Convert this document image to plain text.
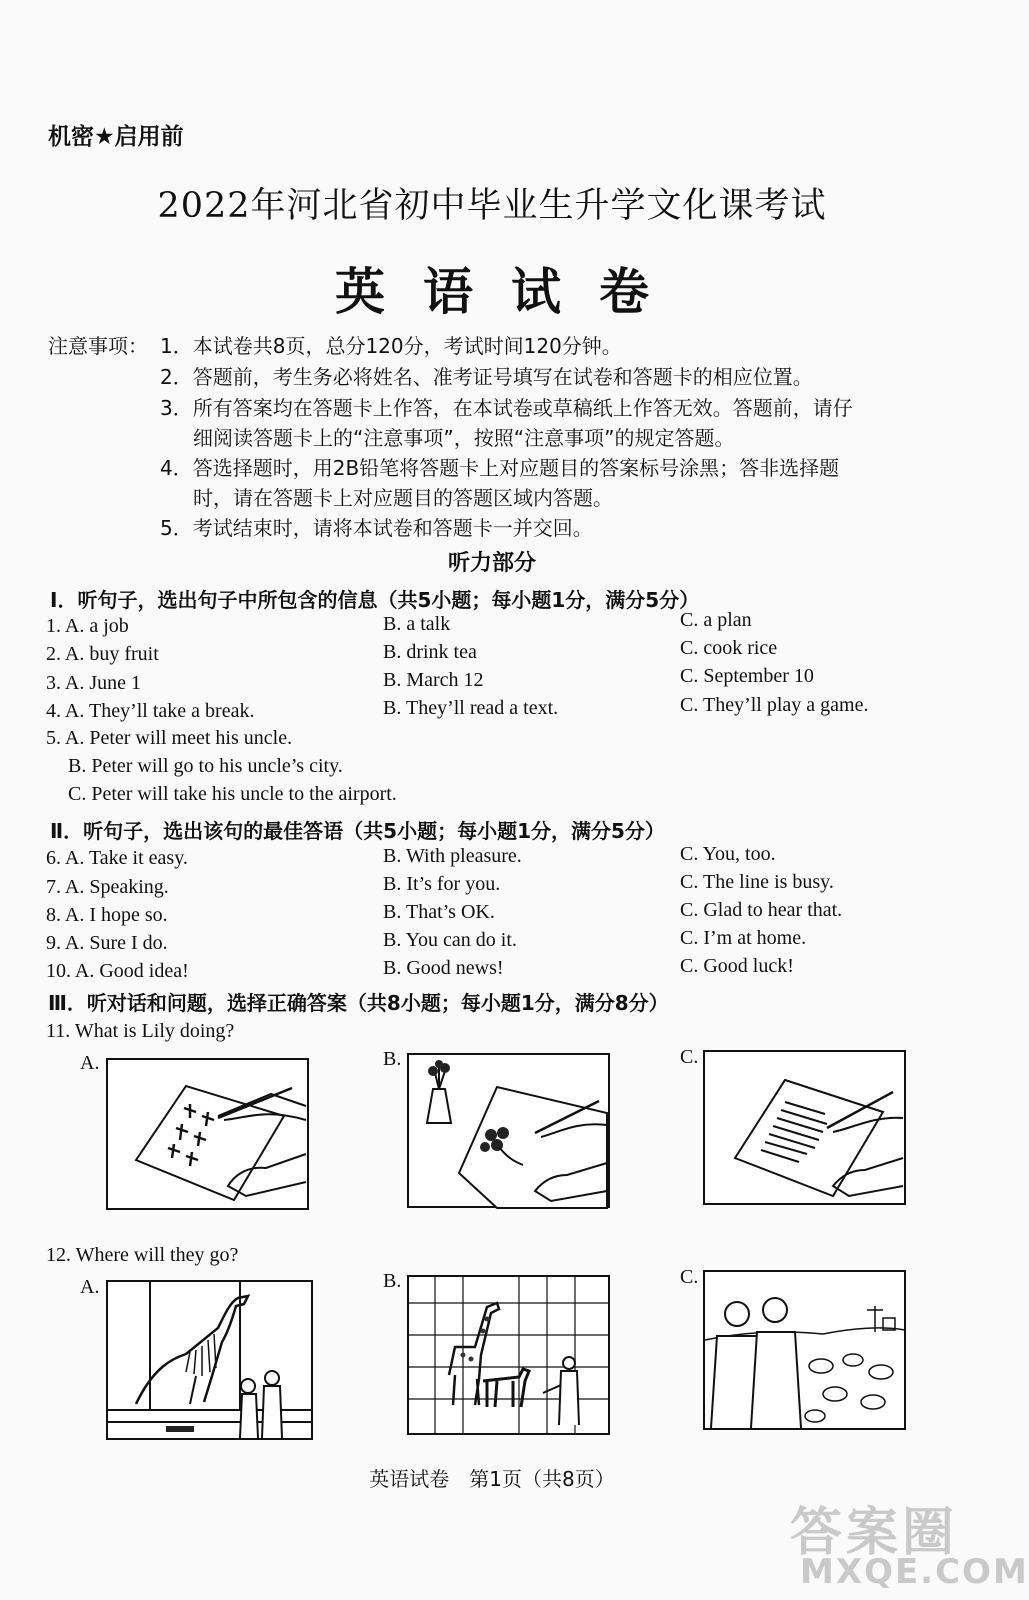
机密★启用前
2022年河北省初中毕业生升学文化课考试
英语试卷
注意事项： 1．本试卷共8页，总分120分，考试时间120分钟。
2．答题前，考生务必将姓名、准考证号填写在试卷和答题卡的相应位置。
3．所有答案均在答题卡上作答，在本试卷或草稿纸上作答无效。答题前，请仔
细阅读答题卡上的“注意事项”，按照“注意事项”的规定答题。
4．答选择题时，用2B铅笔将答题卡上对应题目的答案标号涂黑；答非选择题
时，请在答题卡上对应题目的答题区域内答题。
5．考试结束时，请将本试卷和答题卡一并交回。
听力部分
Ⅰ．听句子，选出句子中所包含的信息（共5小题；每小题1分，满分5分）
1. A. a job	B. a talk	C. a plan
2. A. buy fruit	B. drink tea	C. cook rice
3. A. June 1	B. March 12	C. September 10
4. A. They’ll take a break.	B. They’ll read a text.	C. They’ll play a game.
5. A. Peter will meet his uncle.
B. Peter will go to his uncle’s city.
C. Peter will take his uncle to the airport.
Ⅱ．听句子，选出该句的最佳答语（共5小题；每小题1分，满分5分）
6. A. Take it easy.	B. With pleasure.	C. You, too.
7. A. Speaking.	B. It’s for you.	C. The line is busy.
8. A. I hope so.	B. That’s OK.	C. Glad to hear that.
9. A. Sure I do.	B. You can do it.	C. I’m at home.
10. A. Good idea!	B. Good news!	C. Good luck!
Ⅲ．听对话和问题，选择正确答案（共8小题；每小题1分，满分8分）
11. What is Lily doing?
A.	B.	C.
12. Where will they go?
A.	B.	C.
英语试卷　第1页（共8页）
答案圈
MXQE.COM
